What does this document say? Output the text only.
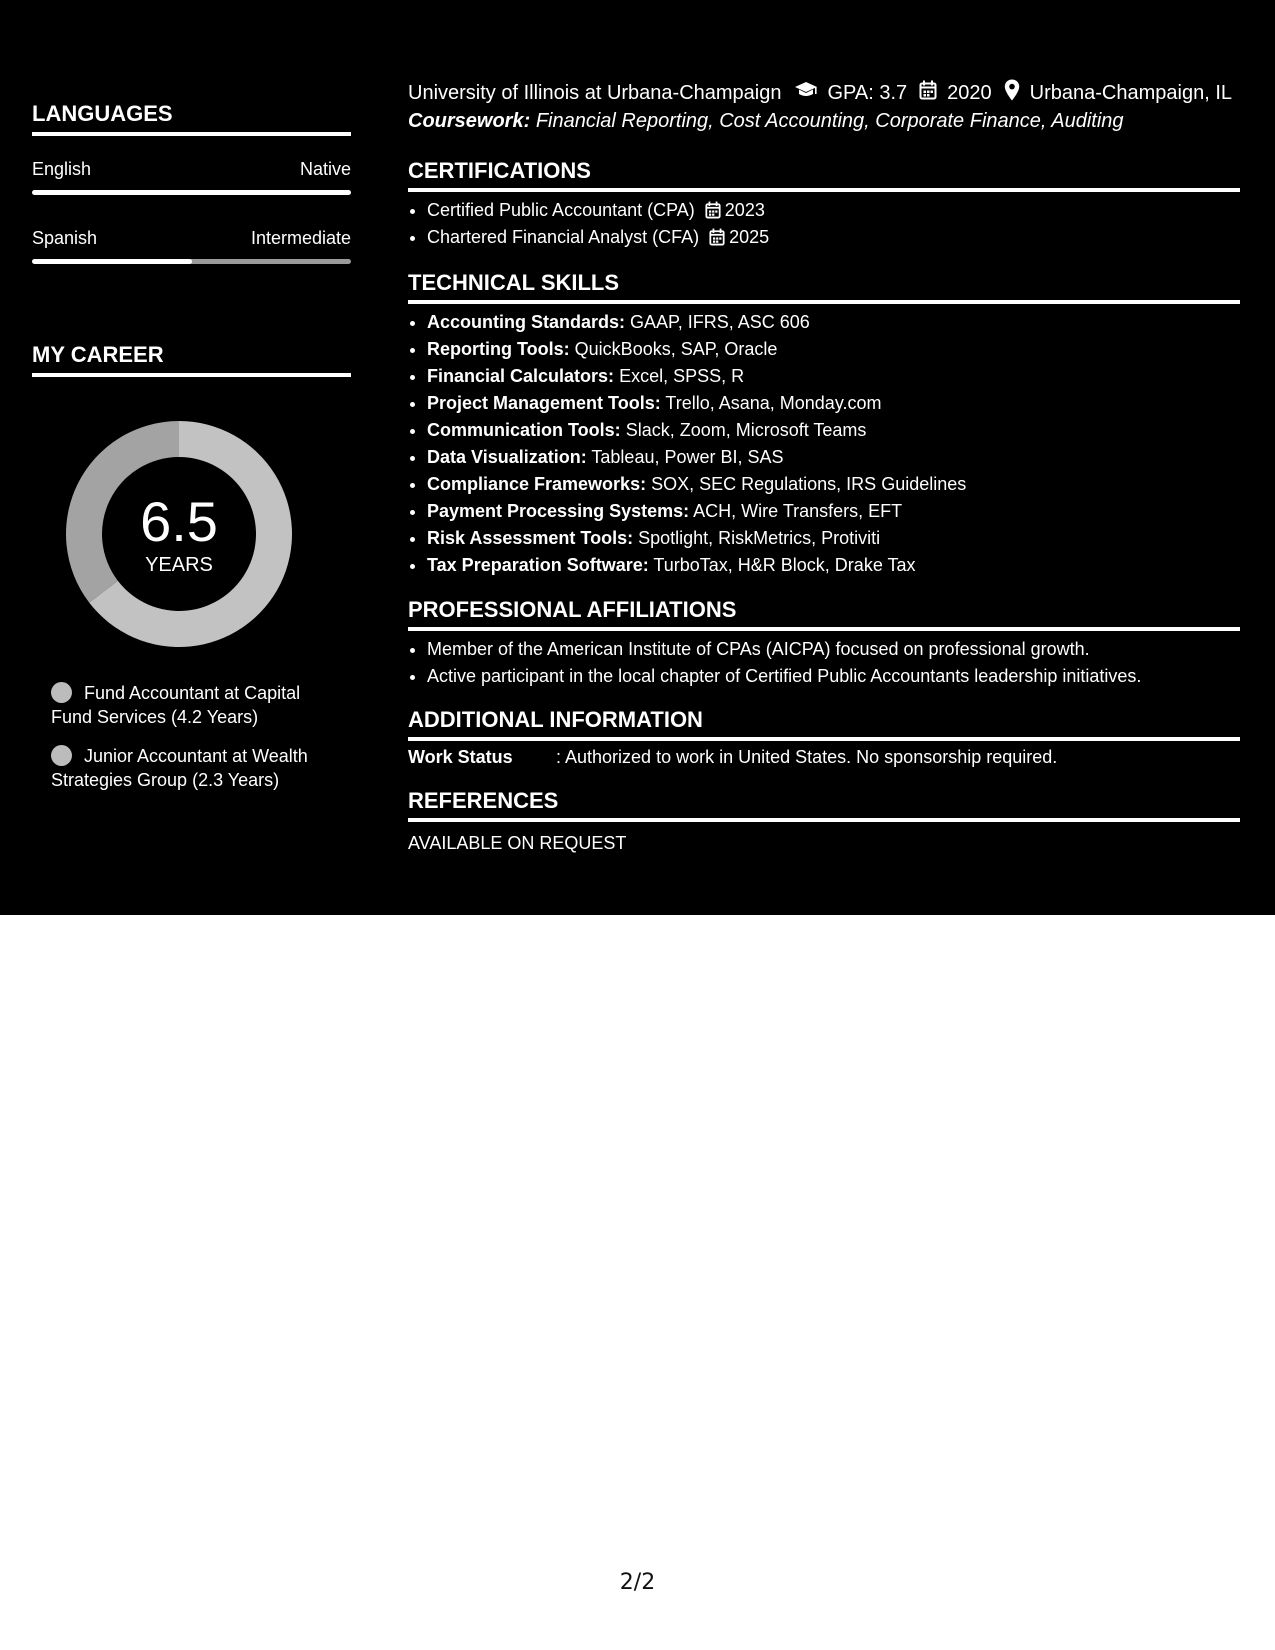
LANGUAGES
English	Native
Spanish	Intermediate
MY CAREER
6.5
YEARS
Fund Accountant at Capital Fund Services (4.2 Years)
Junior Accountant at Wealth Strategies Group (2.3 Years)
University of Illinois at Urbana-Champaign GPA: 3.7 2020 Urbana-Champaign, IL
Coursework: Financial Reporting, Cost Accounting, Corporate Finance, Auditing
CERTIFICATIONS
• Certified Public Accountant (CPA) 2023
• Chartered Financial Analyst (CFA) 2025
TECHNICAL SKILLS
• Accounting Standards: GAAP, IFRS, ASC 606
• Reporting Tools: QuickBooks, SAP, Oracle
• Financial Calculators: Excel, SPSS, R
• Project Management Tools: Trello, Asana, Monday.com
• Communication Tools: Slack, Zoom, Microsoft Teams
• Data Visualization: Tableau, Power BI, SAS
• Compliance Frameworks: SOX, SEC Regulations, IRS Guidelines
• Payment Processing Systems: ACH, Wire Transfers, EFT
• Risk Assessment Tools: Spotlight, RiskMetrics, Protiviti
• Tax Preparation Software: TurboTax, H&R Block, Drake Tax
PROFESSIONAL AFFILIATIONS
• Member of the American Institute of CPAs (AICPA) focused on professional growth.
• Active participant in the local chapter of Certified Public Accountants leadership initiatives.
ADDITIONAL INFORMATION
Work Status : Authorized to work in United States. No sponsorship required.
REFERENCES
AVAILABLE ON REQUEST
2/2
